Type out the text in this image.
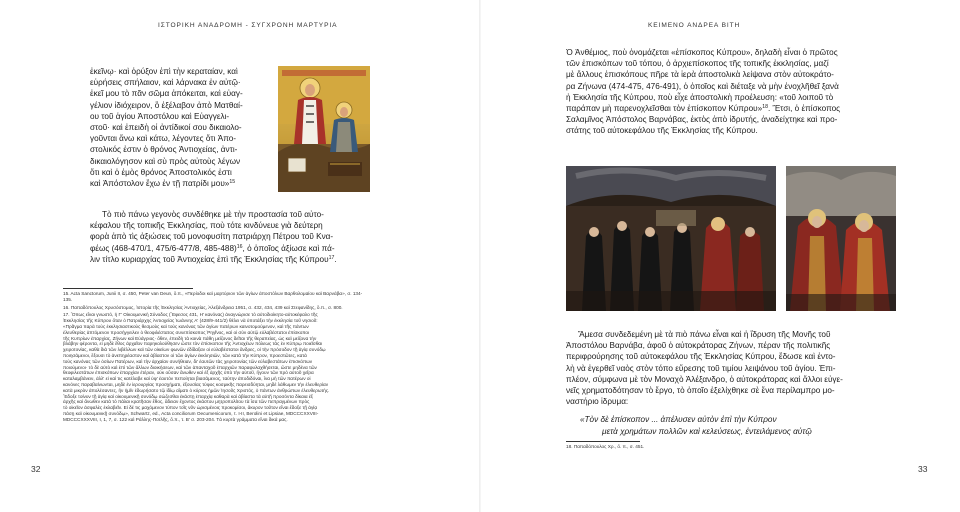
ΙΣΤΟΡΙΚΗ ΑΝΑΔΡΟΜΗ - ΣΥΓΧΡΟΝΗ ΜΑΡΤΥΡΙΑ	ΚΕΙΜΕΝΟ ΑΝΔΡΕΑ ΒΙΤΗ
ἐκεῖνῳ· καὶ ὀρύξον ἐπὶ τὴν κεραταίαν, καὶ
εὑρήσεις σπήλαιον, καὶ λάρνακα ἐν αὐτῷ·
ἐκεῖ μου τὸ πᾶν σῶμα ἀπόκειται, καὶ εὐαγ-
γέλιον ἰδιόχειρον, ὃ ἐξέλαβον ἀπὸ Ματθαί-
ου τοῦ ἁγίου Ἀποστόλου καὶ Εὐαγγελι-
στοῦ· καὶ ἐπειδὴ οἱ ἀντίδικοί σου δικαιολο-
γοῦνται ἄνω καὶ κάτω, λέγοντες ὅτι Ἀπο-
στολικός ἐστιν ὁ θρόνος Ἀντιοχείας, ἀντι-
δικαιολόγησον καὶ σὺ πρὸς αὐτοὺς λέγων
ὅτι καὶ ὁ ἐμὸς θρόνος Ἀποστολικός ἐστι
καὶ Ἀπόστολον ἔχω ἐν τῇ πατρίδι μου»$^{15}$
Τὸ πιὸ πάνω γεγονὸς συνδέθηκε μὲ τὴν προστασία τοῦ αὐτο-
κέφαλου τῆς τοπικῆς Ἐκκλησίας, ποὺ τότε κινδύνευε γιὰ δεύτερη
φορὰ ἀπὸ τὶς ἀξιώσεις τοῦ μονοφυσίτη πατριάρχη Πέτρου τοῦ Κνα-
φέως (468-470/1, 475/6-477/8, 485-488)$^{16}$, ὁ ὁποῖος ἀξίωσε καὶ πά-
λιν τίτλο κυριαρχίας τοῦ Ἀντιοχείας ἐπὶ τῆς Ἐκκλησίας τῆς Κύπρου$^{17}$.
15. Acta Sanctorum, Junii II, σ. 450, Peter van Deun, ὅ.π., «Περίοδοι καὶ μαρτύριον τῶν ἁγίων ἀποστόλων Βαρθολομαίου καὶ Βαρνάβα», σ. 134-135.
16. Παπαδόπουλος Χρυσόστομος, Ἱστορία τῆς Ἐκκλησίας Ἀντιοχείας, Ἀλεξάνδρεια 1951, σ. 432, 434, 439 καὶ Στεφανίδης, ὅ.π., σ. 800.
17. Ὅπως εἶναι γνωστό, ἡ Γ' Οἰκουμενικὴ Σύνοδος (Ἔφεσος 431, Η' κανόνας) ἀναγνώρισε τὸ αὐτοδιοίκητο-αὐτοκέφαλο τῆς
Ἐκκλησίας τῆς Κύπρου ὅταν ὁ Πατριάρχης Ἀντιοχείας Ἰωάννης Α' (428/9-441/2) θέλει νὰ ὑποτάξει τὴν ἐκκλησία τοῦ νησιοῦ:
«Πρᾶγμα παρὰ τοὺς ἐκκλησιαστικοὺς θεσμοὺς καὶ τοὺς κανόνας τῶν ἁγίων πατέρων καινοτομούμενον, καὶ τῆς πάντων
ἐλευθερίας ἁπτόμενον προσήγγειλεν ὁ θεοφιλέστατος συνεπίσκοπος Ῥηγῖνος, καὶ οἱ σὺν αὐτῷ εὐλαβέστατοι ἐπίσκοποι
τῆς Κυπρίων ἐπαρχίας, Ζήνων καὶ Εὐάγριος· ὅθεν, ἐπειδὴ τὰ κοινὰ πάθη μείζονος δεῖται τῆς θεραπείας, ὡς καὶ μείζονα τὴν
βλάβην φέροντα, εἰ μηδὲ ἔθος ἀρχαῖον παρηκολούθησεν ὥστε τὸν ἐπίσκοπον τῆς Ἀντιοχέων πόλεως τὰς ἐν Κύπρῳ ποιεῖσθαι
χειροτονίας, καθὰ διὰ τῶν λιβέλλων καὶ τῶν οἰκείων φωνῶν ἐδίδαξαν οἱ εὐλαβέστατοι ἄνδρες, οἱ τὴν πρόσοδον τῇ ἁγίᾳ συνόδῳ
ποιησάμενοι, ἕξουσι τὸ ἀνεπηρέαστον καὶ ἀβίαστον οἱ τῶν ἁγίων ἐκκλησιῶν, τῶν κατὰ τὴν Κύπρον, προεστῶτες, κατὰ
τοὺς κανόνας τῶν ὁσίων Πατέρων, καὶ τὴν ἀρχαίαν συνήθειαν, δι' ἑαυτῶν τὰς χειροτονίας τῶν εὐλαβεστάτων ἐπισκόπων
ποιούμενοι· τὸ δὲ αὐτὸ καὶ ἐπὶ τῶν ἄλλων διοικήσεων, καὶ τῶν ἁπανταχοῦ ἐπαρχιῶν παραφυλαχθήσεται, ὥστε μηδένα τῶν
θεοφιλεστάτων ἐπισκόπων ἐπαρχίαν ἑτέραν, οὐκ οὖσαν ἄνωθεν καὶ ἐξ ἀρχῆς ὑπὸ τὴν αὐτοῦ, ἤγουν τῶν πρὸ αὐτοῦ χεῖρα
καταλαμβάνειν, ἀλλ' εἰ καί τις κατέλαβε καὶ ὑφ' ἑαυτὸν πεποίηται βιασάμενος, ταύτην ἀποδιδόναι, ἵνα μὴ τῶν πατέρων οἱ
κανόνες παραβαίνωνται, μηδὲ ἐν ἱερουργίας προσχήματι, ἐξουσίας τύφος κοσμικῆς παρεισδύηται, μηδὲ λάθωμεν τὴν ἐλευθερίαν
κατὰ μικρὸν ἀπολέσαντες, ἣν ἡμῖν ἐδωρήσατο τῷ ἰδίῳ αἵματι ὁ κύριος ἡμῶν Ἰησοῦς Χριστός, ὁ πάντων ἀνθρώπων ἐλευθερωτής.
Ἔδοξε τοίνυν τῇ ἁγίᾳ καὶ οἰκουμενικῇ συνόδῳ σώζεσθαι ἑκάστῃ ἐπαρχίᾳ καθαρὰ καὶ ἀβίαστα τὰ αὐτῇ προσόντα δίκαια ἐξ
ἀρχῆς καὶ ἄνωθεν κατὰ τὸ πάλαι κρατῆσαν ἔθος, ἄδειαν ἔχοντος ἑκάστου μητροπολίτου τὰ ἴσα τῶν πεπραγμένων πρὸς
τὸ οἰκεῖον ἀσφαλὲς ἐκλαβεῖν. Εἰ δέ τις μαχόμενον τύπον τοῖς νῦν ὡρισμένοις προκομίσοι, ἄκυρον τοῦτον εἶναι ἔδοξε τῇ ἁγίᾳ
πάσῃ καὶ οἰκουμενικῇ συνόδῳ», Schwartz, ed., Acta conciliorum Oecumenicorum, τ. I-II, Berolini et Lipsiae, MDCCCXXVIII-
MDCCCXXXVIII, I, 1, 7, σ. 122 καὶ Ράλλης-Ποτλῆς, ὅ.π., τ. Β' σ. 203-204. Τὰ κυρτὰ γράμματα εἶναι δικά μας.
32
Ὁ Ἀνθέμιος, ποὺ ὀνομάζεται «ἐπίσκοπος Κύπρου», δηλαδὴ εἶναι ὁ πρῶτος
τῶν ἐπισκόπων τοῦ τόπου, ὁ ἀρχιεπίσκοπος τῆς τοπικῆς ἐκκλησίας, μαζί
μὲ ἄλλους ἐπισκόπους πῆρε τὰ ἱερὰ ἀποστολικὰ λείψανα στὸν αὐτοκράτο-
ρα Ζήνωνα (474-475, 476-491), ὁ ὁποῖος καὶ διέταξε νὰ μὴν ἐνοχλῆθεῖ ξανὰ
ἡ Ἐκκλησία τῆς Κύπρου, ποὺ εἶχε ἀποστολικὴ προέλευση: «τοῦ λοιποῦ τὸ
παράπαν μὴ παρενοχλεῖσθαι τὸν ἐπίσκοπον Κύπρου»$^{18}$. Ἔτσι, ὁ ἐπίσκοπος
Σαλαμῖνος Ἀπόστολος Βαρνάβας, ἐκτὸς ἀπὸ ἱδρυτής, ἀναδείχτηκε καὶ προ-
στάτης τοῦ αὐτοκεφάλου τῆς Ἐκκλησίας τῆς Κύπρου.
Ἄμεσα συνδεδεμένη μὲ τὰ πιὸ πάνω εἶναι καὶ ἡ ἵδρυση τῆς Μονῆς τοῦ
Ἀποστόλου Βαρνάβα, ἀφοῦ ὁ αὐτοκράτορας Ζήνων, πέραν τῆς πολιτικῆς
περιφρούρησης τοῦ αὐτοκεφάλου τῆς Ἐκκλησίας Κύπρου, ἔδωσε καὶ ἐντο-
λὴ νὰ ἐγερθεῖ ναὸς στὸν τόπο εὕρεσης τοῦ τιμίου λειψάνου τοῦ ἁγίου. Ἐπι-
πλέον, σύμφωνα μὲ τὸν Μοναχὸ Ἀλέξανδρο, ὁ αὐτοκράτορας καὶ ἄλλοι εὐγε-
νεῖς χρηματοδότησαν τὸ ἔργο, τὸ ὁποῖο ἐξελίχθηκε σὲ ἕνα περίλαμπρο μο-
ναστήριο ἱδρυμα:
«Τὸν δὲ ἐπίσκοπον ... ἀπέλυσεν αὐτὸν ἐπὶ τὴν Κύπρον
μετὰ χρημάτων πολλῶν καὶ κελεύσεως, ἐντειλάμενος αὐτῷ
18. Παπαδόπουλος Χρ., ὅ. π., σ. 451.
33
